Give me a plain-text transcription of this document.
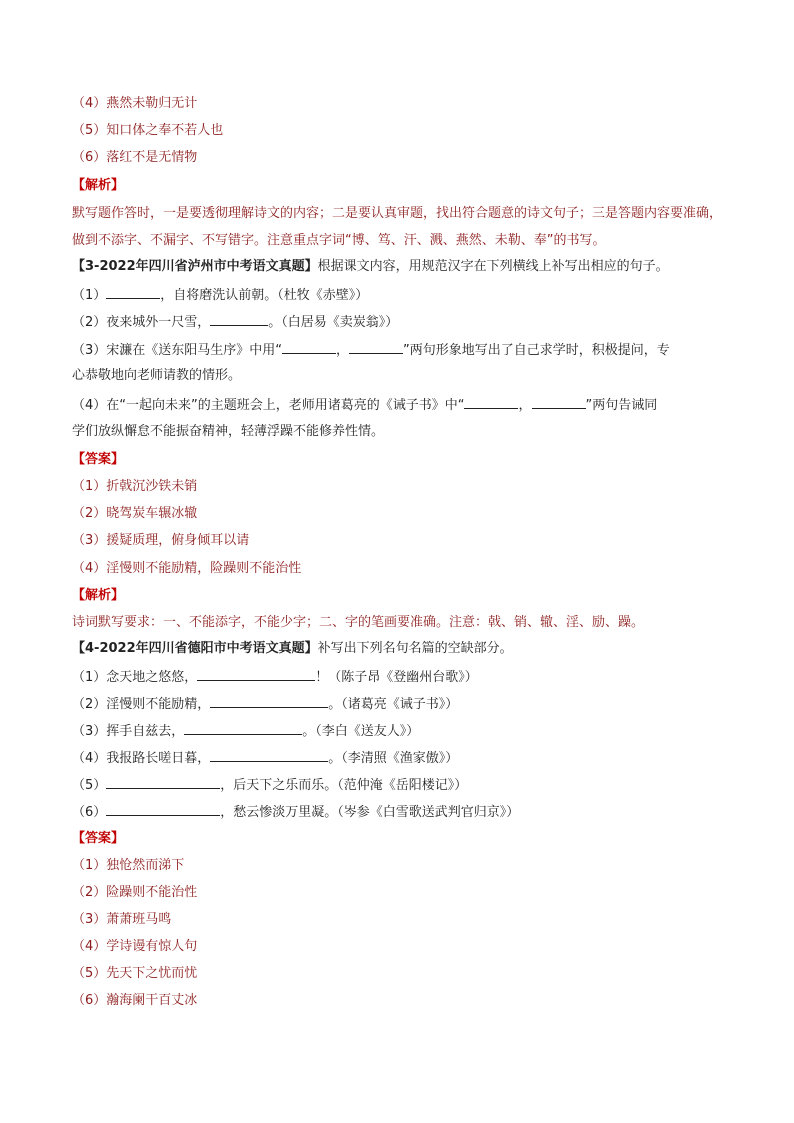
（4）燕然未勒归无计
（5）知口体之奉不若人也
（6）落红不是无情物
【解析】
默写题作答时，一是要透彻理解诗文的内容；二是要认真审题，找出符合题意的诗文句子；三是答题内容要准确，做到不添字、不漏字、不写错字。注意重点字词“博、笃、汗、溅、燕然、未勒、奉”的书写。
【3-2022年四川省泸州市中考语文真题】根据课文内容，用规范汉字在下列横线上补写出相应的句子。
（1）	，自将磨洗认前朝。（杜牧《赤壁》）
（2）夜来城外一尺雪，	。（白居易《卖炭翁》）
（3）宋濂在《送东阳马生序》中用“	，	”两句形象地写出了自己求学时，积极提问，专
心恭敬地向老师请教的情形。
（4）在“一起向未来”的主题班会上，老师用诸葛亮的《诫子书》中“	，	”两句告诫同
学们放纵懈怠不能振奋精神，轻薄浮躁不能修养性情。
【答案】
（1）折戟沉沙铁未销
（2）晓驾炭车辗冰辙
（3）援疑质理，俯身倾耳以请
（4）淫慢则不能励精，险躁则不能治性
【解析】
诗词默写要求：一、不能添字，不能少字；二、字的笔画要准确。注意：戟、销、辙、淫、励、躁。
【4-2022年四川省德阳市中考语文真题】补写出下列名句名篇的空缺部分。
（1）念天地之悠悠，	！（陈子昂《登幽州台歌》）
（2）淫慢则不能励精，	。（诸葛亮《诫子书》）
（3）挥手自兹去，	。（李白《送友人》）
（4）我报路长嗟日暮，	。（李清照《渔家傲》）
（5）	，后天下之乐而乐。（范仲淹《岳阳楼记》）
（6）	，愁云惨淡万里凝。（岑参《白雪歌送武判官归京》）
【答案】
（1）独怆然而涕下
（2）险躁则不能治性
（3）萧萧班马鸣
（4）学诗谩有惊人句
（5）先天下之忧而忧
（6）瀚海阑干百丈冰
